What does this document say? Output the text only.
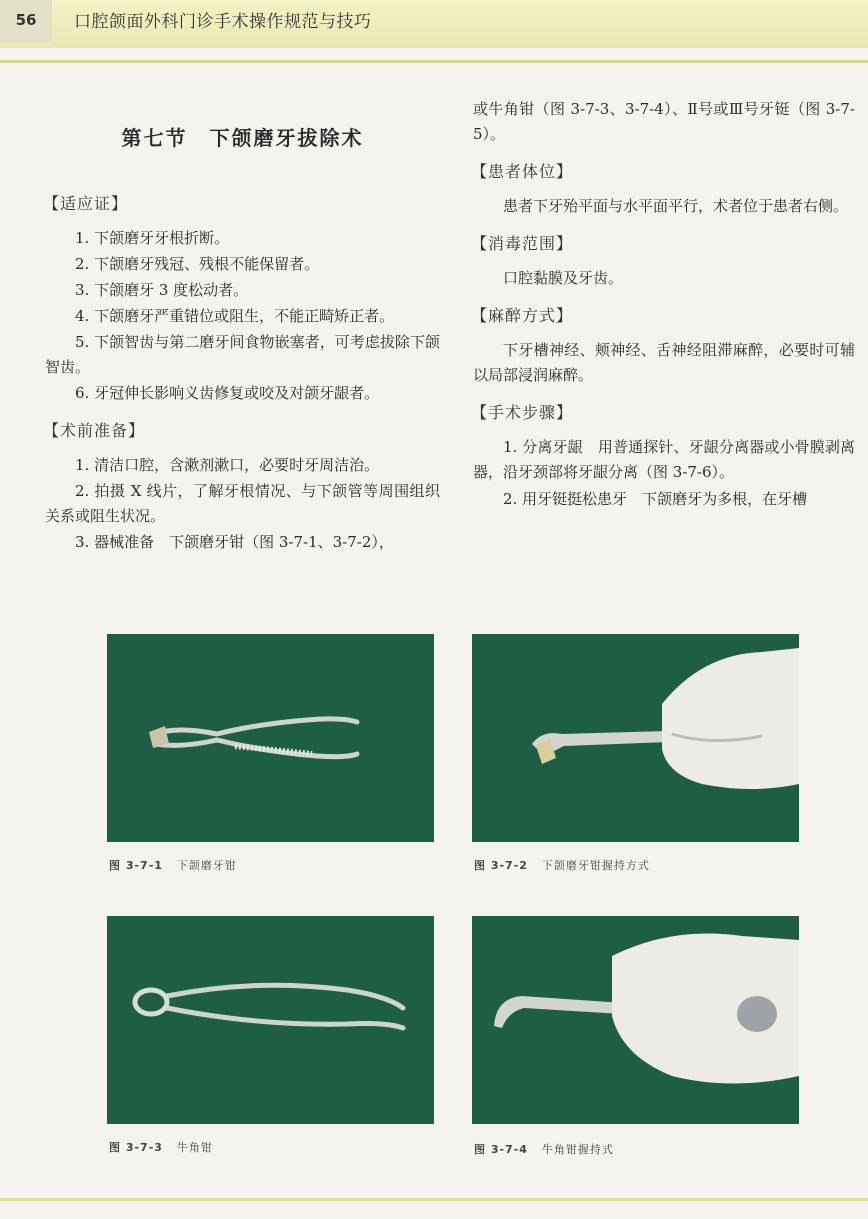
56	口腔颌面外科门诊手术操作规范与技巧
第七节　下颌磨牙拔除术
【适应证】

1. 下颌磨牙牙根折断。

2. 下颌磨牙残冠、残根不能保留者。

3. 下颌磨牙 3 度松动者。

4. 下颌磨牙严重错位或阻生，不能正畸矫正者。

5. 下颌智齿与第二磨牙间食物嵌塞者，可考虑拔除下颌智齿。

6. 牙冠伸长影响义齿修复或咬及对颌牙龈者。

【术前准备】

1. 清洁口腔，含漱剂漱口，必要时牙周洁治。

2. 拍摄 X 线片，了解牙根情况、与下颌管等周围组织关系或阻生状况。

3. 器械准备　下颌磨牙钳（图 3-7-1、3-7-2），

或牛角钳（图 3-7-3、3-7-4）、Ⅱ号或Ⅲ号牙铤（图 3-7-5）。

【患者体位】

患者下牙殆平面与水平面平行，术者位于患者右侧。

【消毒范围】

口腔黏膜及牙齿。

【麻醉方式】

下牙槽神经、颊神经、舌神经阻滞麻醉，必要时可辅以局部浸润麻醉。

【手术步骤】

1. 分离牙龈　用普通探针、牙龈分离器或小骨膜剥离器，沿牙颈部将牙龈分离（图 3-7-6）。

2. 用牙铤挺松患牙　下颌磨牙为多根，在牙槽

图 3-7-1 下颌磨牙钳	图 3-7-2 下颌磨牙钳握持方式
图 3-7-3 牛角钳	图 3-7-4 牛角钳握持式
